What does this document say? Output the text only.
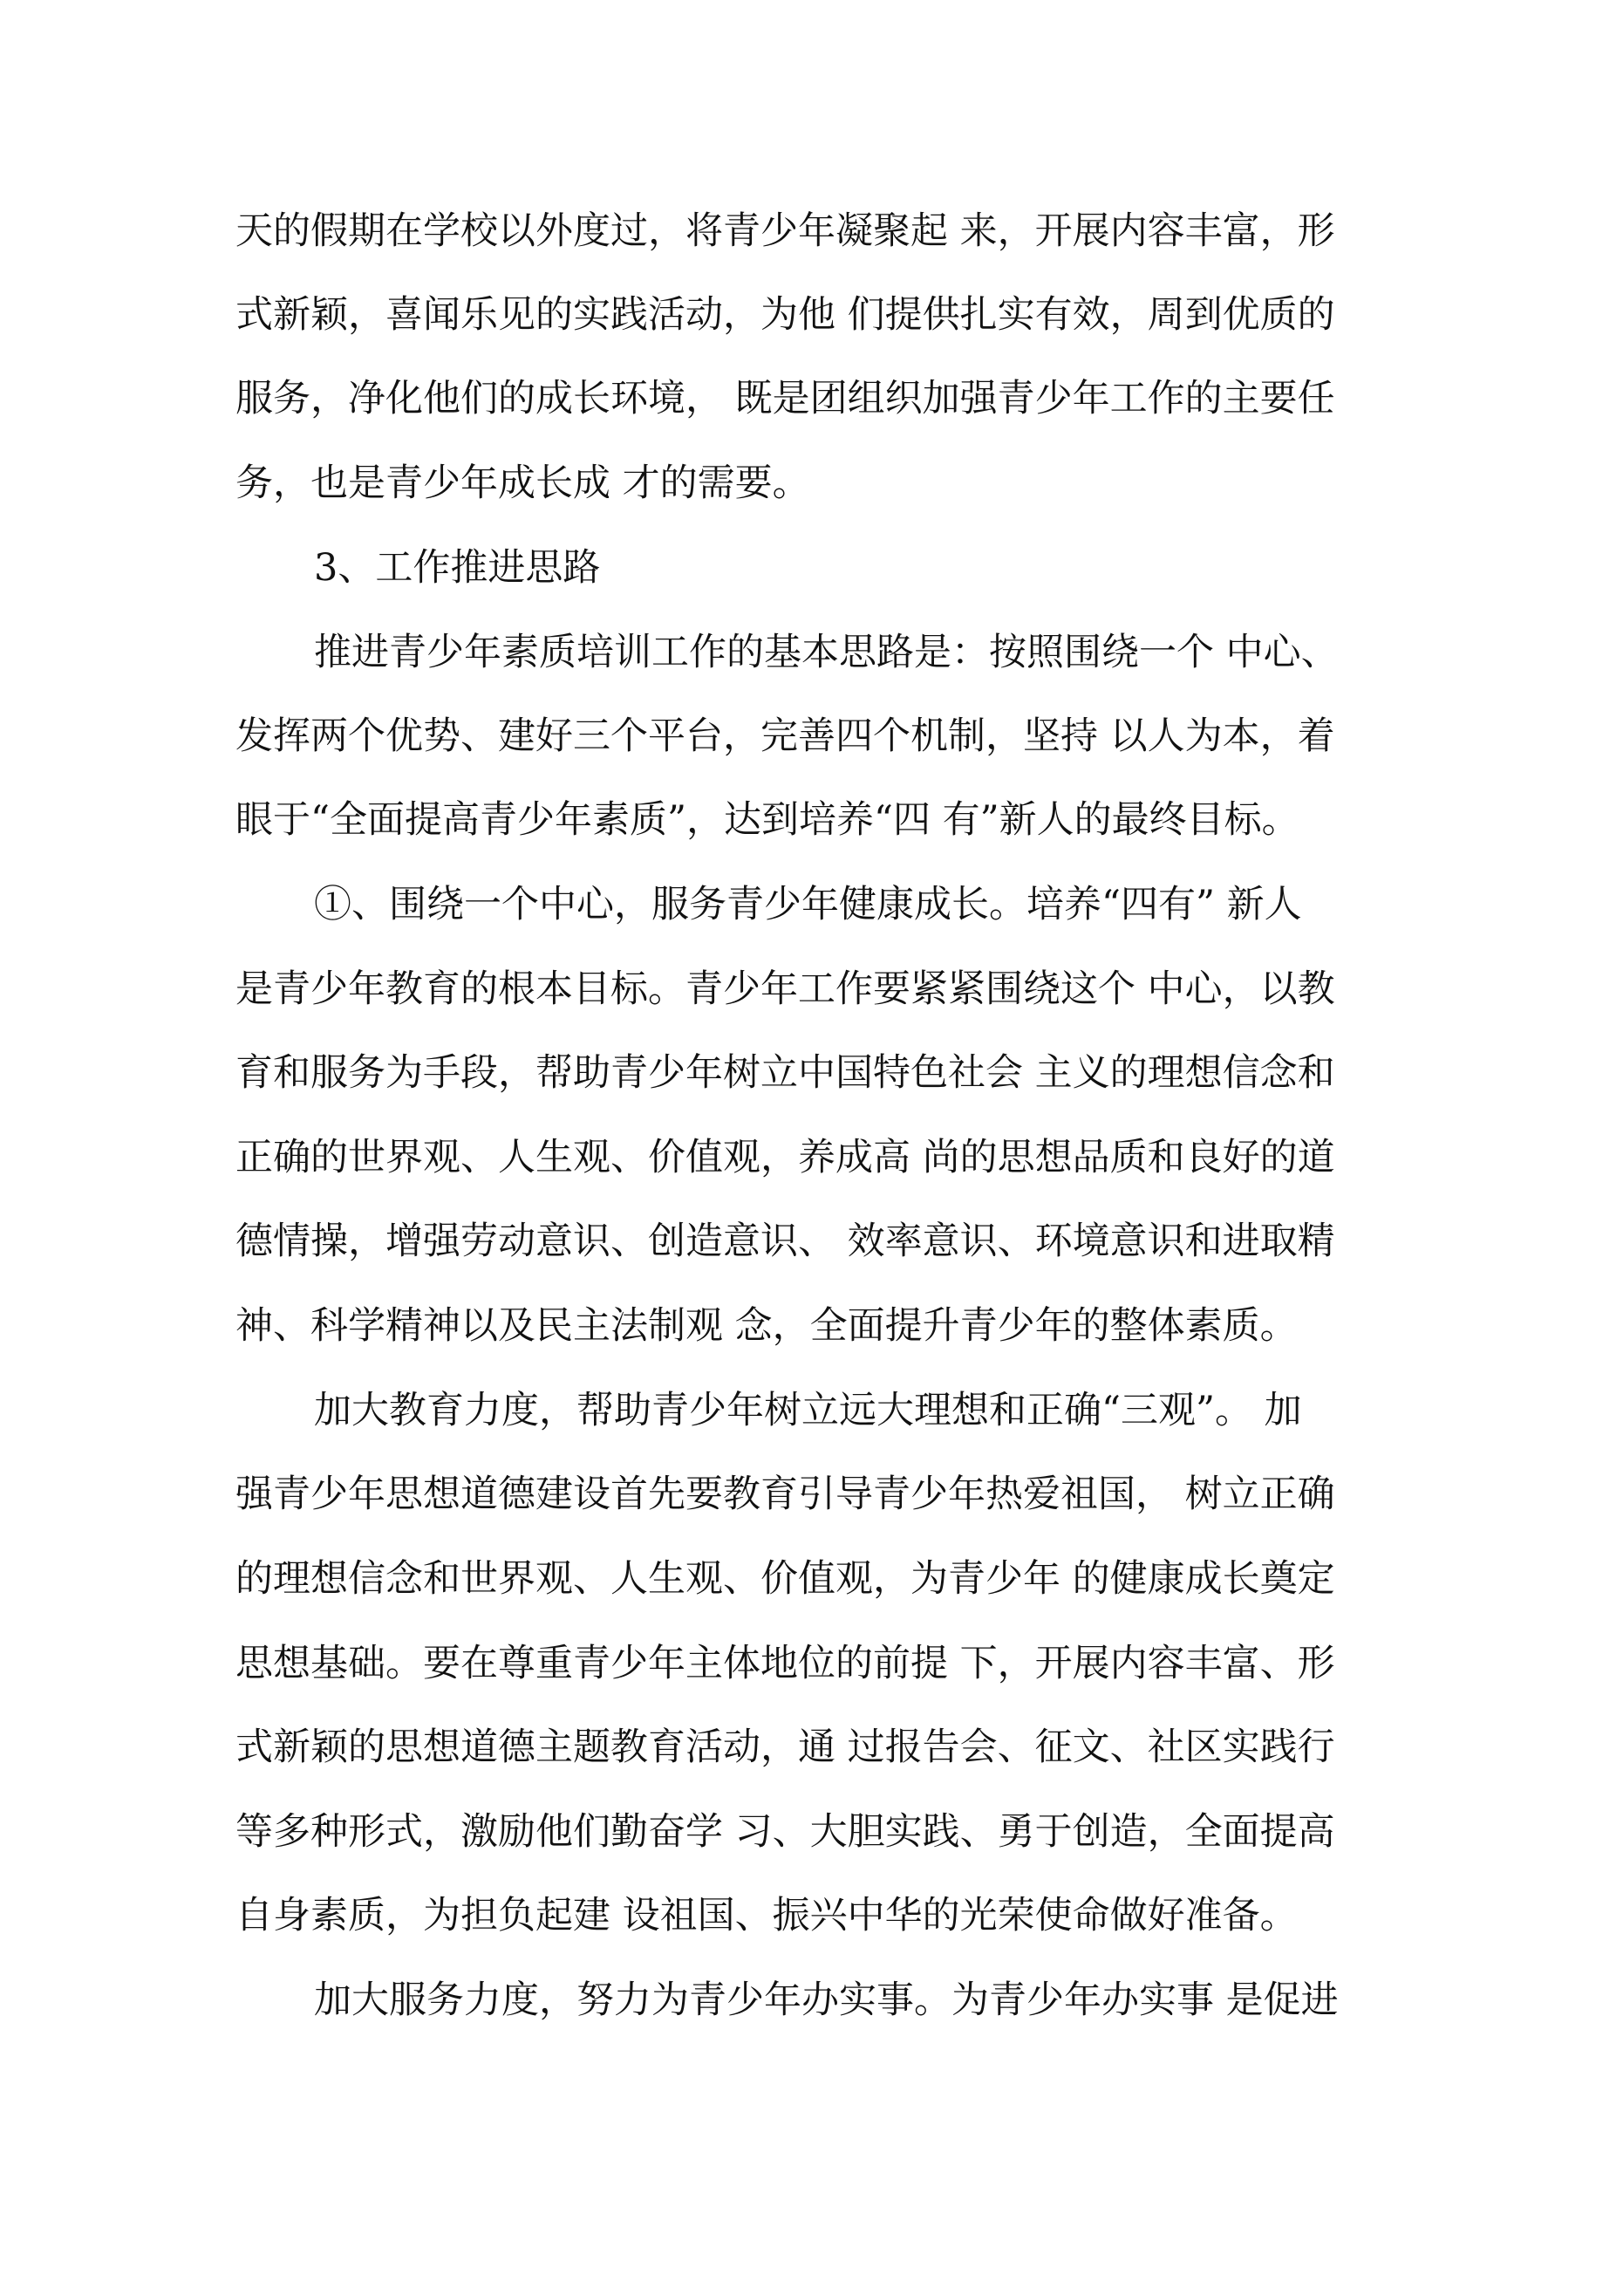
天的假期在学校以外度过，将青少年凝聚起 来，开展内容丰富，形
式新颖，喜闻乐见的实践活动，为他 们提供扎实有效，周到优质的
服务，净化他们的成长环境， 既是团组织加强青少年工作的主要任
务，也是青少年成长成 才的需要。
3、工作推进思路
推进青少年素质培训工作的基本思路是：按照围绕一个 中心、
发挥两个优势、建好三个平台，完善四个机制，坚持 以人为本，着
眼于“全面提高青少年素质”，达到培养“四 有”新人的最终目标。
①、围绕一个中心，服务青少年健康成长。培养“四有” 新人
是青少年教育的根本目标。青少年工作要紧紧围绕这个 中心，以教
育和服务为手段，帮助青少年树立中国特色社会 主义的理想信念和
正确的世界观、人生观、价值观，养成高 尚的思想品质和良好的道
德情操，增强劳动意识、创造意识、 效率意识、环境意识和进取精
神、科学精神以及民主法制观 念，全面提升青少年的整体素质。
加大教育力度，帮助青少年树立远大理想和正确“三观”。 加
强青少年思想道德建设首先要教育引导青少年热爱祖国， 树立正确
的理想信念和世界观、人生观、价值观，为青少年 的健康成长奠定
思想基础。要在尊重青少年主体地位的前提 下，开展内容丰富、形
式新颖的思想道德主题教育活动，通 过报告会、征文、社区实践行
等多种形式，激励他们勤奋学 习、大胆实践、勇于创造，全面提高
自身素质，为担负起建 设祖国、振兴中华的光荣使命做好准备。
加大服务力度，努力为青少年办实事。为青少年办实事 是促进
